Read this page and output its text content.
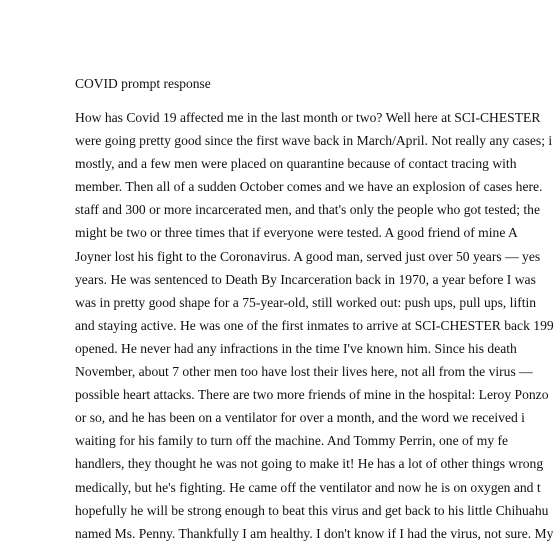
COVID prompt response
How has Covid 19 affected me in the last month or two? Well here at SCI-CHESTER
were going pretty good since the first wave back in March/April. Not really any cases; i
mostly, and a few men were placed on quarantine because of contact tracing with
member. Then all of a sudden October comes and we have an explosion of cases here.
staff and 300 or more incarcerated men, and that's only the people who got tested; the
might be two or three times that if everyone were tested. A good friend of mine A
Joyner lost his fight to the Coronavirus. A good man, served just over 50 years — yes
years. He was sentenced to Death By Incarceration back in 1970, a year before I was
was in pretty good shape for a 75-year-old, still worked out: push ups, pull ups, liftin
and staying active. He was one of the first inmates to arrive at SCI-CHESTER back 199
opened. He never had any infractions in the time I've known him. Since his death
November, about 7 other men too have lost their lives here, not all from the virus —
possible heart attacks. There are two more friends of mine in the hospital: Leroy Ponzo
or so, and he has been on a ventilator for over a month, and the word we received i
waiting for his family to turn off the machine. And Tommy Perrin, one of my fe
handlers, they thought he was not going to make it! He has a lot of other things wrong
medically, but he's fighting. He came off the ventilator and now he is on oxygen and t
hopefully he will be strong enough to beat this virus and get back to his little Chihuahu
named Ms. Penny. Thankfully I am healthy. I don't know if I had the virus, not sure. My
